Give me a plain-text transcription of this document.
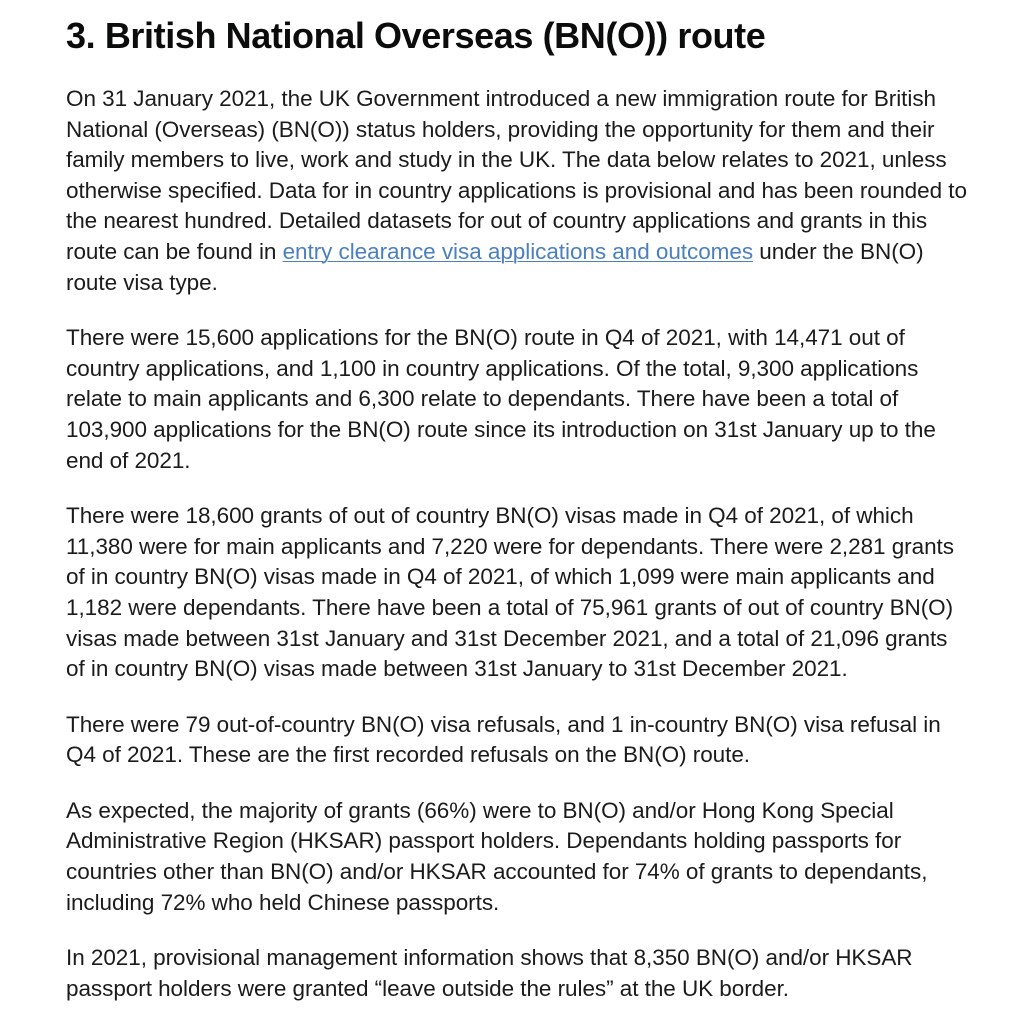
3. British National Overseas (BN(O)) route

On 31 January 2021, the UK Government introduced a new immigration route for British National (Overseas) (BN(O)) status holders, providing the opportunity for them and their family members to live, work and study in the UK. The data below relates to 2021, unless otherwise specified. Data for in country applications is provisional and has been rounded to the nearest hundred. Detailed datasets for out of country applications and grants in this route can be found in entry clearance visa applications and outcomes under the BN(O) route visa type.

There were 15,600 applications for the BN(O) route in Q4 of 2021, with 14,471 out of country applications, and 1,100 in country applications. Of the total, 9,300 applications relate to main applicants and 6,300 relate to dependants. There have been a total of 103,900 applications for the BN(O) route since its introduction on 31st January up to the end of 2021.

There were 18,600 grants of out of country BN(O) visas made in Q4 of 2021, of which 11,380 were for main applicants and 7,220 were for dependants. There were 2,281 grants of in country BN(O) visas made in Q4 of 2021, of which 1,099 were main applicants and 1,182 were dependants. There have been a total of 75,961 grants of out of country BN(O) visas made between 31st January and 31st December 2021, and a total of 21,096 grants of in country BN(O) visas made between 31st January to 31st December 2021.

There were 79 out-of-country BN(O) visa refusals, and 1 in-country BN(O) visa refusal in Q4 of 2021. These are the first recorded refusals on the BN(O) route.

As expected, the majority of grants (66%) were to BN(O) and/or Hong Kong Special Administrative Region (HKSAR) passport holders. Dependants holding passports for countries other than BN(O) and/or HKSAR accounted for 74% of grants to dependants, including 72% who held Chinese passports.

In 2021, provisional management information shows that 8,350 BN(O) and/or HKSAR passport holders were granted “leave outside the rules” at the UK border.
